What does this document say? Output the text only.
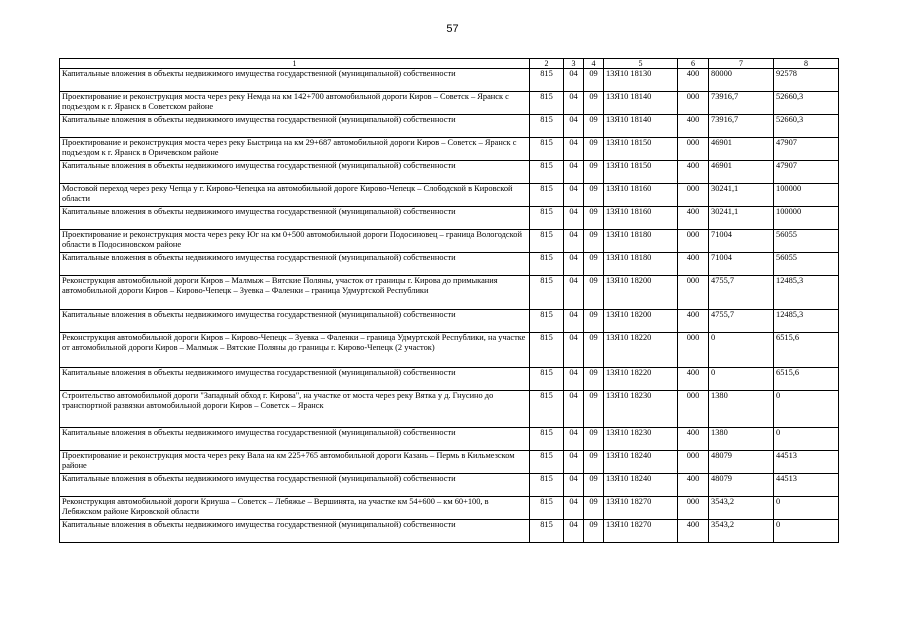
57
1	2	3	4	5	6	7	8
Капитальные вложения в объекты недвижимого имущества государственной (муниципальной) собственности	815	04	09	13Я10 18130	400	80000	92578
Проектирование и реконструкция моста через реку Немда на км 142+700 автомобильной дороги Киров – Советск – Яранск с подъездом к г. Яранск в Советском районе	815	04	09	13Я10 18140	000	73916,7	52660,3
Капитальные вложения в объекты недвижимого имущества государственной (муниципальной) собственности	815	04	09	13Я10 18140	400	73916,7	52660,3
Проектирование и реконструкция моста через реку Быстрица на км 29+687 автомобильной дороги Киров – Советск – Яранск с подъездом к г. Яранск в Оричевском районе	815	04	09	13Я10 18150	000	46901	47907
Капитальные вложения в объекты недвижимого имущества государственной (муниципальной) собственности	815	04	09	13Я10 18150	400	46901	47907
Мостовой переход через реку Чепца у г. Кирово-Чепецка на автомобильной дороге Кирово-Чепецк – Слободской в Кировской области	815	04	09	13Я10 18160	000	30241,1	100000
Капитальные вложения в объекты недвижимого имущества государственной (муниципальной) собственности	815	04	09	13Я10 18160	400	30241,1	100000
Проектирование и реконструкция моста через реку Юг на км 0+500 автомобильной дороги Подосиновец – граница Вологодской области в Подосиновском районе	815	04	09	13Я10 18180	000	71004	56055
Капитальные вложения в объекты недвижимого имущества государственной (муниципальной) собственности	815	04	09	13Я10 18180	400	71004	56055
Реконструкция автомобильной дороги Киров – Малмыж – Вятские Поляны, участок от границы г. Кирова до примыкания автомобильной дороги Киров – Кирово-Чепецк – Зуевка – Фаленки – граница Удмуртской Республики	815	04	09	13Я10 18200	000	4755,7	12485,3
Капитальные вложения в объекты недвижимого имущества государственной (муниципальной) собственности	815	04	09	13Я10 18200	400	4755,7	12485,3
Реконструкция автомобильной дороги Киров – Кирово-Чепецк – Зуевка – Фаленки – граница Удмуртской Республики, на участке от автомобильной дороги Киров – Малмыж – Вятские Поляны до границы г. Кирово-Чепецк (2 участок)	815	04	09	13Я10 18220	000	0	6515,6
Капитальные вложения в объекты недвижимого имущества государственной (муниципальной) собственности	815	04	09	13Я10 18220	400	0	6515,6
Строительство автомобильной дороги "Западный обход г. Кирова", на участке от моста через реку Вятка у д. Гнусино до транспортной развязки автомобильной дороги Киров – Советск – Яранск	815	04	09	13Я10 18230	000	1380	0
Капитальные вложения в объекты недвижимого имущества государственной (муниципальной) собственности	815	04	09	13Я10 18230	400	1380	0
Проектирование и реконструкция моста через реку Вала на км 225+765 автомобильной дороги Казань – Пермь в Кильмезском районе	815	04	09	13Я10 18240	000	48079	44513
Капитальные вложения в объекты недвижимого имущества государственной (муниципальной) собственности	815	04	09	13Я10 18240	400	48079	44513
Реконструкция автомобильной дороги Криуша – Советск – Лебяжье – Вершинята, на участке км 54+600 – км 60+100, в Лебяжском районе Кировской области	815	04	09	13Я10 18270	000	3543,2	0
Капитальные вложения в объекты недвижимого имущества государственной (муниципальной) собственности	815	04	09	13Я10 18270	400	3543,2	0
